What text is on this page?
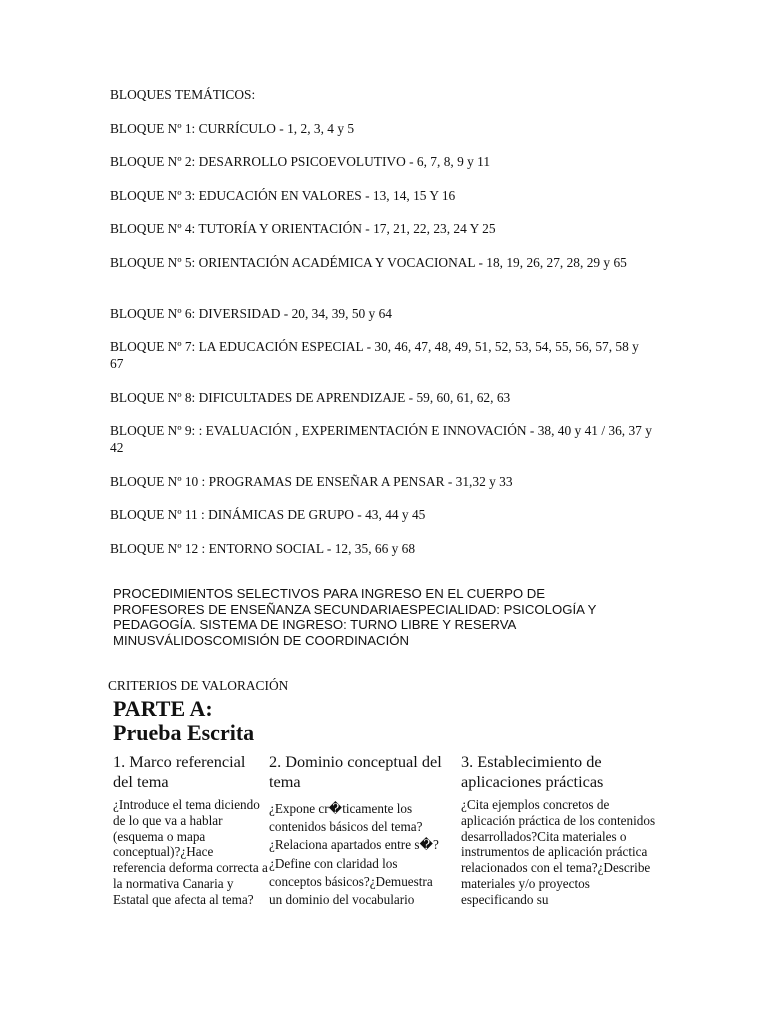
BLOQUES TEMÁTICOS:

BLOQUE Nº 1: CURRÍCULO - 1, 2, 3, 4 y 5

BLOQUE Nº 2: DESARROLLO PSICOEVOLUTIVO - 6, 7, 8, 9 y 11

BLOQUE Nº 3: EDUCACIÓN EN VALORES - 13, 14, 15 Y 16

BLOQUE Nº 4: TUTORÍA Y ORIENTACIÓN - 17, 21, 22, 23, 24 Y 25

BLOQUE Nº 5: ORIENTACIÓN ACADÉMICA Y VOCACIONAL - 18, 19, 26, 27, 28, 29 y 65

BLOQUE Nº 6: DIVERSIDAD - 20, 34, 39, 50 y 64

BLOQUE Nº 7: LA EDUCACIÓN ESPECIAL - 30, 46, 47, 48, 49, 51, 52, 53, 54, 55, 56, 57, 58 y 67

BLOQUE Nº 8: DIFICULTADES DE APRENDIZAJE - 59, 60, 61, 62, 63

BLOQUE Nº 9: : EVALUACIÓN , EXPERIMENTACIÓN E INNOVACIÓN - 38, 40 y 41 / 36, 37 y 42

BLOQUE Nº 10 : PROGRAMAS DE ENSEÑAR A PENSAR - 31,32 y 33

BLOQUE Nº 11 : DINÁMICAS DE GRUPO - 43, 44 y 45

BLOQUE Nº 12 : ENTORNO SOCIAL - 12, 35, 66 y 68

PROCEDIMIENTOS SELECTIVOS PARA INGRESO EN EL CUERPO DE PROFESORES DE ENSEÑANZA SECUNDARIAESPECIALIDAD: PSICOLOGÍA Y PEDAGOGÍA. SISTEMA DE INGRESO: TURNO LIBRE Y RESERVA MINUSVÁLIDOSCOMISIÓN DE COORDINACIÓN

CRITERIOS DE VALORACIÓN

PARTE A:
Prueba Escrita
1. Marco referencial del tema

¿Introduce el tema diciendo de lo que va a hablar (esquema o mapa conceptual)?¿Hace referencia deforma correcta a la normativa Canaria y Estatal que afecta al tema?

2. Dominio conceptual del tema

¿Expone cr�ticamente los contenidos básicos del tema?¿Relaciona apartados entre s�?¿Define con claridad los conceptos básicos?¿Demuestra un dominio del vocabulario

3. Establecimiento de aplicaciones prácticas

¿Cita ejemplos concretos de aplicación práctica de los contenidos desarrollados?Cita materiales o instrumentos de aplicación práctica relacionados con el tema?¿Describe materiales y/o proyectos especificando su
